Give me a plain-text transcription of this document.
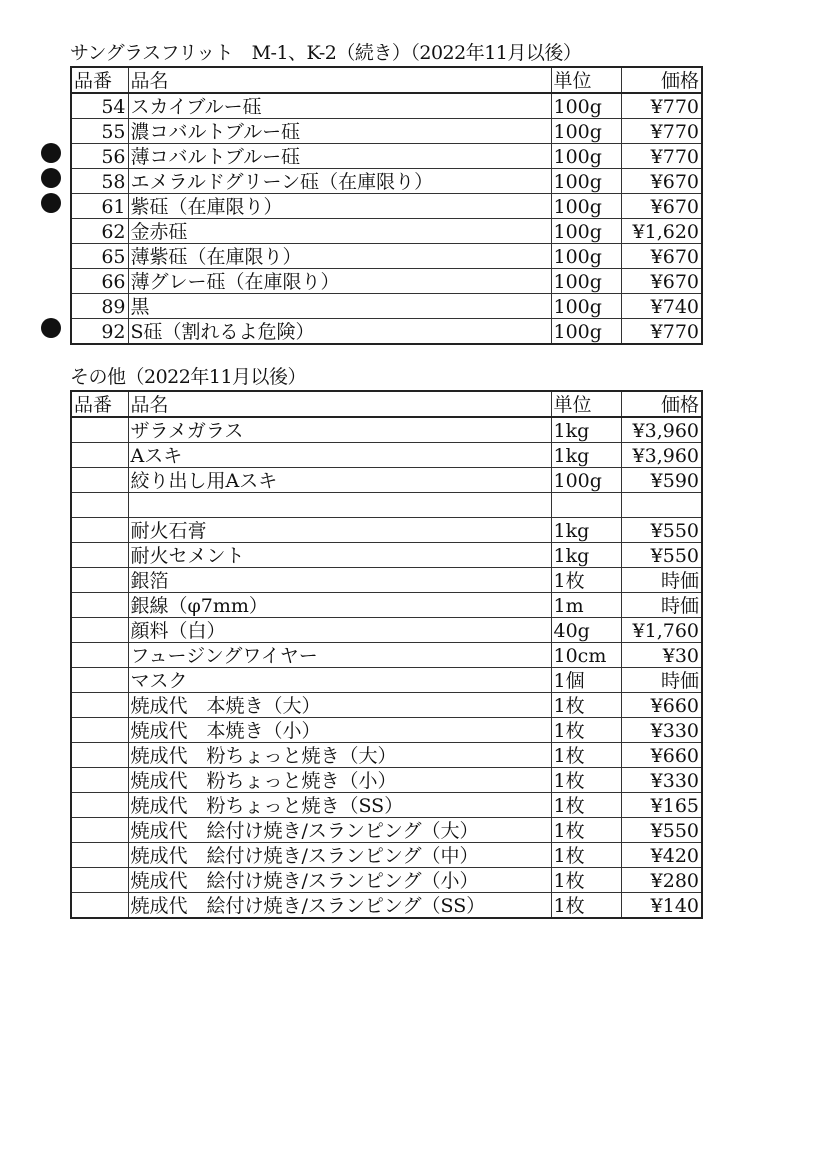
サングラスフリット　M-1、K-2（続き）（2022年11月以後）
品番	品名	単位	価格
54	スカイブルー砡	100g	¥770
55	濃コバルトブルー砡	100g	¥770
56	薄コバルトブルー砡	100g	¥770
58	エメラルドグリーン砡（在庫限り）	100g	¥670
61	紫砡（在庫限り）	100g	¥670
62	金赤砡	100g	¥1,620
65	薄紫砡（在庫限り）	100g	¥670
66	薄グレー砡（在庫限り）	100g	¥670
89	黒	100g	¥740
92	S砡（割れるよ危険）	100g	¥770
その他（2022年11月以後）
品番	品名	単位	価格
	ザラメガラス	1kg	¥3,960
	Aスキ	1kg	¥3,960
	絞り出し用Aスキ	100g	¥590

	耐火石膏	1kg	¥550
	耐火セメント	1kg	¥550
	銀箔	1枚	時価
	銀線（φ7mm）	1m	時価
	顔料（白）	40g	¥1,760
	フュージングワイヤー	10cm	¥30
	マスク	1個	時価
	焼成代　本焼き（大）	1枚	¥660
	焼成代　本焼き（小）	1枚	¥330
	焼成代　粉ちょっと焼き（大）	1枚	¥660
	焼成代　粉ちょっと焼き（小）	1枚	¥330
	焼成代　粉ちょっと焼き（SS）	1枚	¥165
	焼成代　絵付け焼き/スランピング（大）	1枚	¥550
	焼成代　絵付け焼き/スランピング（中）	1枚	¥420
	焼成代　絵付け焼き/スランピング（小）	1枚	¥280
	焼成代　絵付け焼き/スランピング（SS）	1枚	¥140
